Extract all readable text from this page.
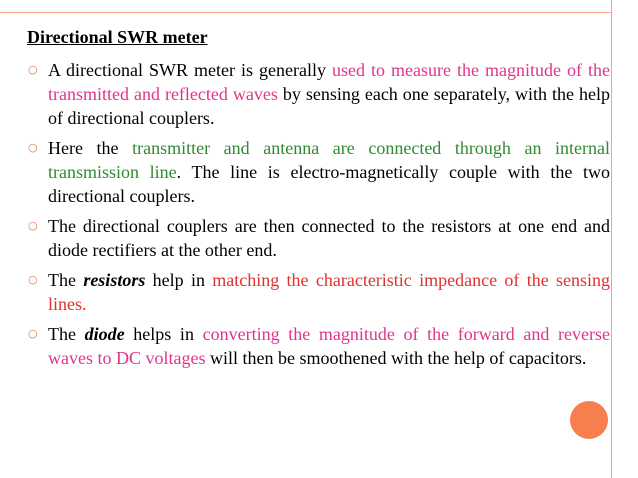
Directional SWR meter
○ A directional SWR meter is generally used to measure the magnitude of the transmitted and reflected waves by sensing each one separately, with the help of directional couplers.
○ Here the transmitter and antenna are connected through an internal transmission line. The line is electro-magnetically couple with the two directional couplers.
○ The directional couplers are then connected to the resistors at one end and diode rectifiers at the other end.
○ The resistors help in matching the characteristic impedance of the sensing lines.
○ The diode helps in converting the magnitude of the forward and reverse waves to DC voltages will then be smoothened with the help of capacitors.
